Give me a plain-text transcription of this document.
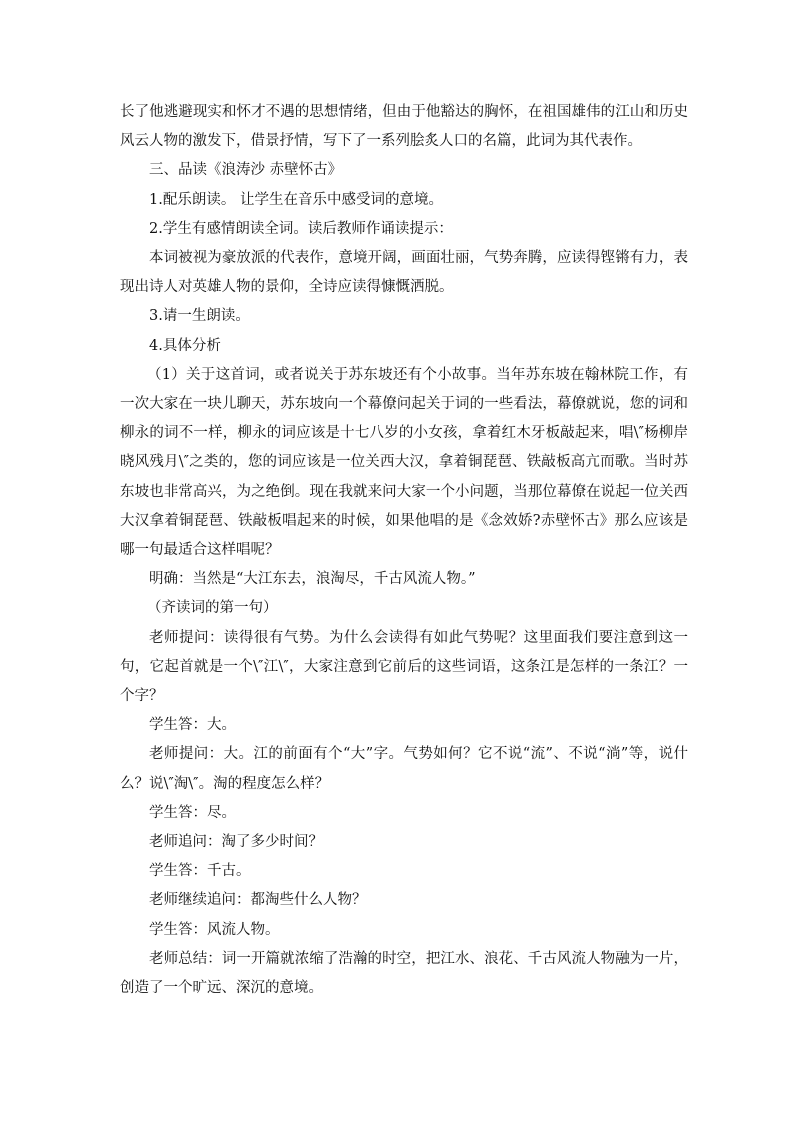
长了他逃避现实和怀才不遇的思想情绪，但由于他豁达的胸怀，在祖国雄伟的江山和历史风云人物的激发下，借景抒情，写下了一系列脍炙人口的名篇，此词为其代表作。

三、品读《浪涛沙 赤壁怀古》

1.配乐朗读。 让学生在音乐中感受词的意境。

2.学生有感情朗读全词。读后教师作诵读提示：

本词被视为豪放派的代表作，意境开阔，画面壮丽，气势奔腾，应读得铿锵有力，表现出诗人对英雄人物的景仰，全诗应读得慷慨洒脱。

3.请一生朗读。

4.具体分析

（1）关于这首词，或者说关于苏东坡还有个小故事。当年苏东坡在翰林院工作，有一次大家在一块儿聊天，苏东坡向一个幕僚问起关于词的一些看法，幕僚就说，您的词和柳永的词不一样，柳永的词应该是十七八岁的小女孩，拿着红木牙板敲起来，唱\″杨柳岸晓风残月\″之类的，您的词应该是一位关西大汉，拿着铜琵琶、铁敲板高亢而歌。当时苏东坡也非常高兴，为之绝倒。现在我就来问大家一个小问题，当那位幕僚在说起一位关西大汉拿着铜琵琶、铁敲板唱起来的时候，如果他唱的是《念效娇?赤壁怀古》那么应该是哪一句最适合这样唱呢？

明确：当然是“大江东去，浪淘尽，千古风流人物。”

（齐读词的第一句）

老师提问：读得很有气势。为什么会读得有如此气势呢？这里面我们要注意到这一句，它起首就是一个\″江\″，大家注意到它前后的这些词语，这条江是怎样的一条江？一个字？

学生答：大。

老师提问：大。江的前面有个“大”字。气势如何？它不说“流”、不说“淌”等，说什么？说\″淘\″。淘的程度怎么样？

学生答：尽。

老师追问：淘了多少时间？

学生答：千古。

老师继续追问：都淘些什么人物？

学生答：风流人物。

老师总结：词一开篇就浓缩了浩瀚的时空，把江水、浪花、千古风流人物融为一片，创造了一个旷远、深沉的意境。
